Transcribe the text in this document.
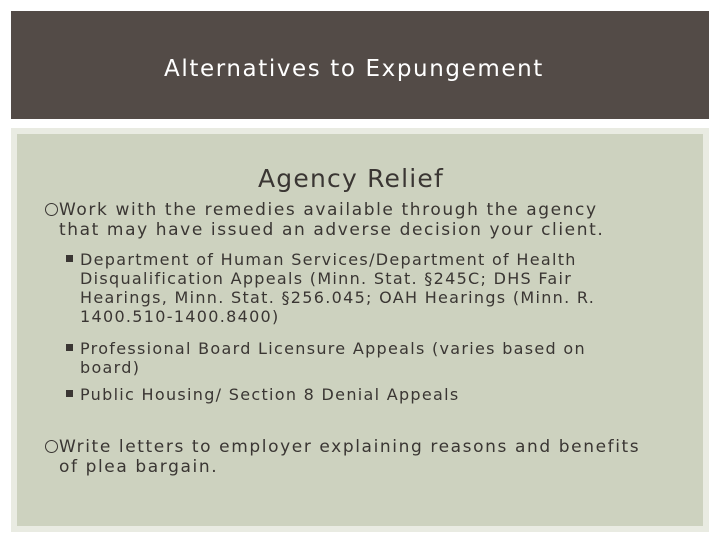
Alternatives to Expungement
Agency Relief
Work with the remedies available through the agency
that may have issued an adverse decision your client.
Department of Human Services/Department of Health
Disqualification Appeals (Minn. Stat. §245C; DHS Fair
Hearings, Minn. Stat. §256.045; OAH Hearings (Minn. R.
1400.510-1400.8400)
Professional Board Licensure Appeals (varies based on
board)
Public Housing/ Section 8 Denial Appeals
Write letters to employer explaining reasons and benefits
of plea bargain.
